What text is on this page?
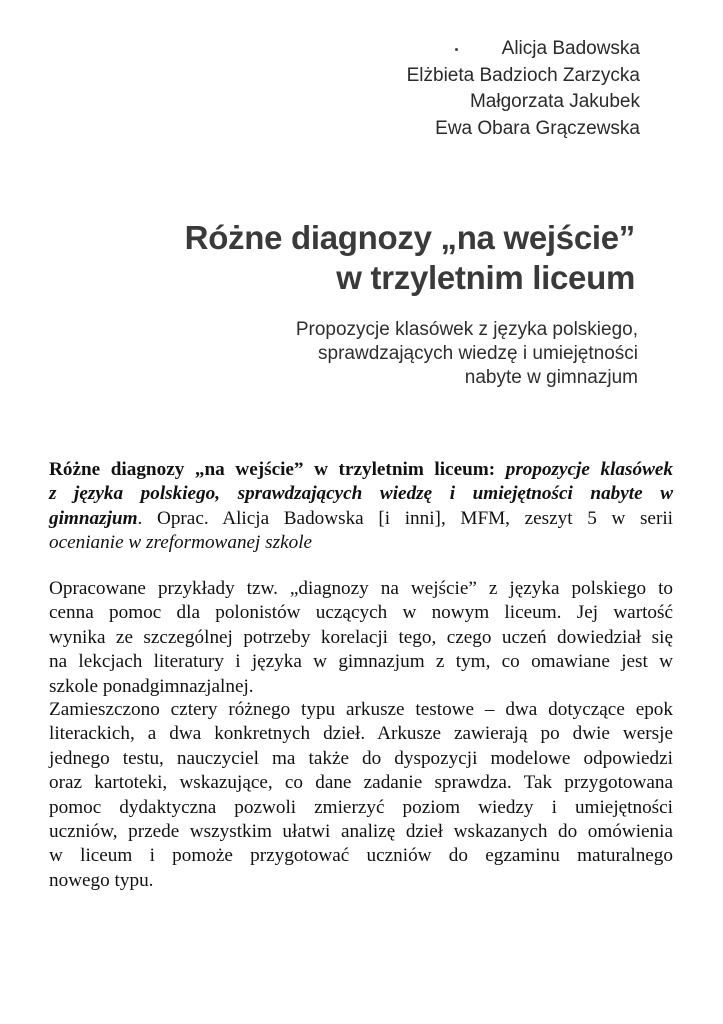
Alicja Badowska
Elżbieta Badzioch Zarzycka
Małgorzata Jakubek
Ewa Obara Grączewska
Różne diagnozy „na wejście”
w trzyletnim liceum
Propozycje klasówek z języka polskiego,
sprawdzających wiedzę i umiejętności
nabyte w gimnazjum
Różne diagnozy „na wejście” w trzyletnim liceum: propozycje klasówek
z języka polskiego, sprawdzających wiedzę i umiejętności nabyte w
gimnazjum. Oprac. Alicja Badowska [i inni], MFM, zeszyt 5 w serii
ocenianie w zreformowanej szkole
Opracowane przykłady tzw. „diagnozy na wejście” z języka polskiego to
cenna pomoc dla polonistów uczących w nowym liceum. Jej wartość
wynika ze szczególnej potrzeby korelacji tego, czego uczeń dowiedział się
na lekcjach literatury i języka w gimnazjum z tym, co omawiane jest w
szkole ponadgimnazjalnej.
Zamieszczono cztery różnego typu arkusze testowe – dwa dotyczące epok
literackich, a dwa konkretnych dzieł. Arkusze zawierają po dwie wersje
jednego testu, nauczyciel ma także do dyspozycji modelowe odpowiedzi
oraz kartoteki, wskazujące, co dane zadanie sprawdza. Tak przygotowana
pomoc dydaktyczna pozwoli zmierzyć poziom wiedzy i umiejętności
uczniów, przede wszystkim ułatwi analizę dzieł wskazanych do omówienia
w liceum i pomoże przygotować uczniów do egzaminu maturalnego
nowego typu.
